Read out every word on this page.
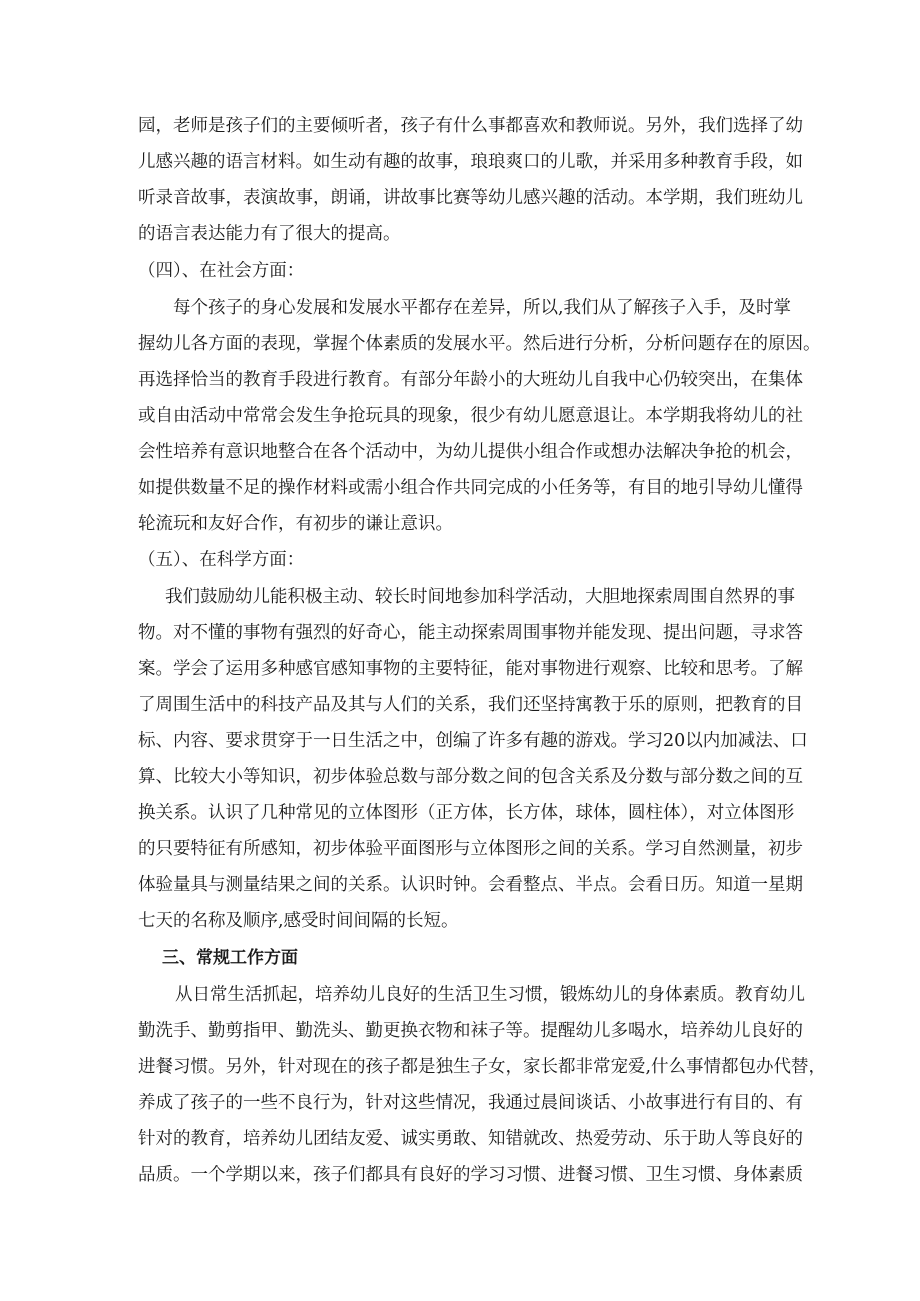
园，老师是孩子们的主要倾听者，孩子有什么事都喜欢和教师说。另外，我们选择了幼

儿感兴趣的语言材料。如生动有趣的故事，琅琅爽口的儿歌，并采用多种教育手段，如

听录音故事，表演故事，朗诵，讲故事比赛等幼儿感兴趣的活动。本学期，我们班幼儿

的语言表达能力有了很大的提高。

（四）、在社会方面：

每个孩子的身心发展和发展水平都存在差异，所以,我们从了解孩子入手，及时掌

握幼儿各方面的表现，掌握个体素质的发展水平。然后进行分析，分析问题存在的原因。

再选择恰当的教育手段进行教育。有部分年龄小的大班幼儿自我中心仍较突出，在集体

或自由活动中常常会发生争抢玩具的现象，很少有幼儿愿意退让。本学期我将幼儿的社

会性培养有意识地整合在各个活动中，为幼儿提供小组合作或想办法解决争抢的机会，

如提供数量不足的操作材料或需小组合作共同完成的小任务等，有目的地引导幼儿懂得

轮流玩和友好合作，有初步的谦让意识。

（五）、在科学方面：

我们鼓励幼儿能积极主动、较长时间地参加科学活动，大胆地探索周围自然界的事

物。对不懂的事物有强烈的好奇心，能主动探索周围事物并能发现、提出问题，寻求答

案。学会了运用多种感官感知事物的主要特征，能对事物进行观察、比较和思考。了解

了周围生活中的科技产品及其与人们的关系，我们还坚持寓教于乐的原则，把教育的目

标、内容、要求贯穿于一日生活之中，创编了许多有趣的游戏。学习20以内加减法、口

算、比较大小等知识，初步体验总数与部分数之间的包含关系及分数与部分数之间的互

换关系。认识了几种常见的立体图形（正方体，长方体，球体，圆柱体），对立体图形

的只要特征有所感知，初步体验平面图形与立体图形之间的关系。学习自然测量，初步

体验量具与测量结果之间的关系。认识时钟。会看整点、半点。会看日历。知道一星期

七天的名称及顺序,感受时间间隔的长短。

三、常规工作方面

从日常生活抓起，培养幼儿良好的生活卫生习惯，锻炼幼儿的身体素质。教育幼儿

勤洗手、勤剪指甲、勤洗头、勤更换衣物和袜子等。提醒幼儿多喝水，培养幼儿良好的

进餐习惯。另外，针对现在的孩子都是独生子女，家长都非常宠爱,什么事情都包办代替，

养成了孩子的一些不良行为，针对这些情况，我通过晨间谈话、小故事进行有目的、有

针对的教育，培养幼儿团结友爱、诚实勇敢、知错就改、热爱劳动、乐于助人等良好的

品质。一个学期以来，孩子们都具有良好的学习习惯、进餐习惯、卫生习惯、身体素质
